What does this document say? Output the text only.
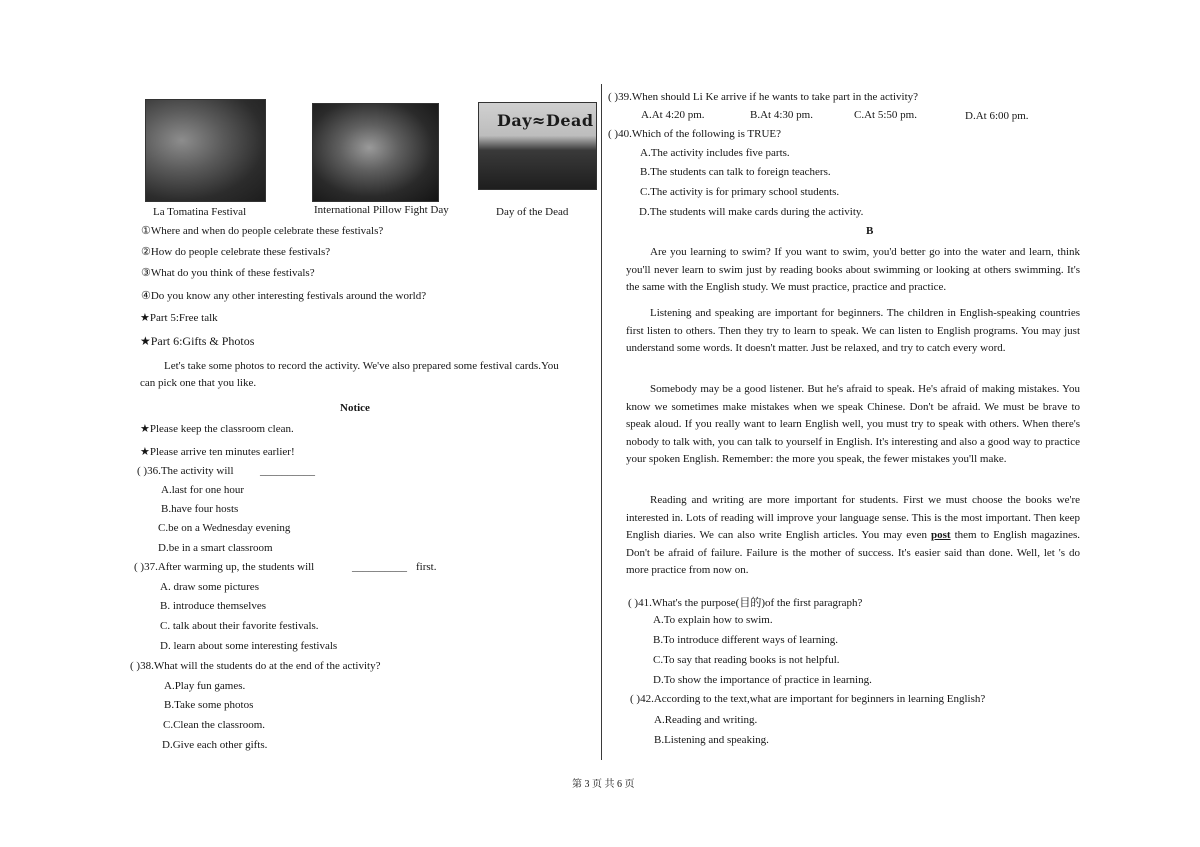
Day≈Dead
La Tomatina Festival	International Pillow Fight Day	Day of the Dead
①Where and when do people celebrate these festivals?
②How do people celebrate these festivals?
③What do you think of these festivals?
④Do you know any other interesting festivals around the world?
★Part 5:Free talk
★Part 6:Gifts & Photos
Let's take some photos to record the activity. We've also prepared some festival cards.You
can pick one that you like.
Notice
★Please keep the classroom clean.
★Please arrive ten minutes earlier!
( )36.The activity will __________
A.last for one hour
B.have four hosts
C.be on a Wednesday evening
D.be in a smart classroom
( )37.After warming up, the students will	__________ first.
A. draw some pictures
B. introduce themselves
C. talk about their favorite festivals.
D. learn about some interesting festivals
( )38.What will the students do at the end of the activity?
A.Play fun games.
B.Take some photos
C.Clean the classroom.
D.Give each other gifts.
( )39.When should Li Ke arrive if he wants to take part in the activity?
A.At 4:20 pm.	B.At 4:30 pm.	C.At 5:50 pm.	D.At 6:00 pm.
( )40.Which of the following is TRUE?
A.The activity includes five parts.
B.The students can talk to foreign teachers.
C.The activity is for primary school students.
D.The students will make cards during the activity.
B
Are you learning to swim? If you want to swim, you'd better go into the water and learn, think you'll never learn to swim just by reading books about swimming or looking at others swimming. It's the same with the English study. We must practice, practice and practice.
Listening and speaking are important for beginners. The children in English-speaking countries first listen to others. Then they try to learn to speak. We can listen to English programs. You may just understand some words. It doesn't matter. Just be relaxed, and try to catch every word.
Somebody may be a good listener. But he's afraid to speak. He's afraid of making mistakes. You know we sometimes make mistakes when we speak Chinese. Don't be afraid. We must be brave to speak aloud. If you really want to learn English well, you must try to speak with others. When there's nobody to talk with, you can talk to yourself in English. It's interesting and also a good way to practice your spoken English. Remember: the more you speak, the fewer mistakes you'll make.
Reading and writing are more important for students. First we must choose the books we're interested in. Lots of reading will improve your language sense. This is the most important. Then keep English diaries. We can also write English articles. You may even post them to English magazines. Don't be afraid of failure. Failure is the mother of success. It's easier said than done. Well, let 's do more practice from now on.
( )41.What's the purpose(目的)of the first paragraph?
A.To explain how to swim.
B.To introduce different ways of learning.
C.To say that reading books is not helpful.
D.To show the importance of practice in learning.
( )42.According to the text,what are important for beginners in learning English?
A.Reading and writing.
B.Listening and speaking.
第 3 页 共 6 页
